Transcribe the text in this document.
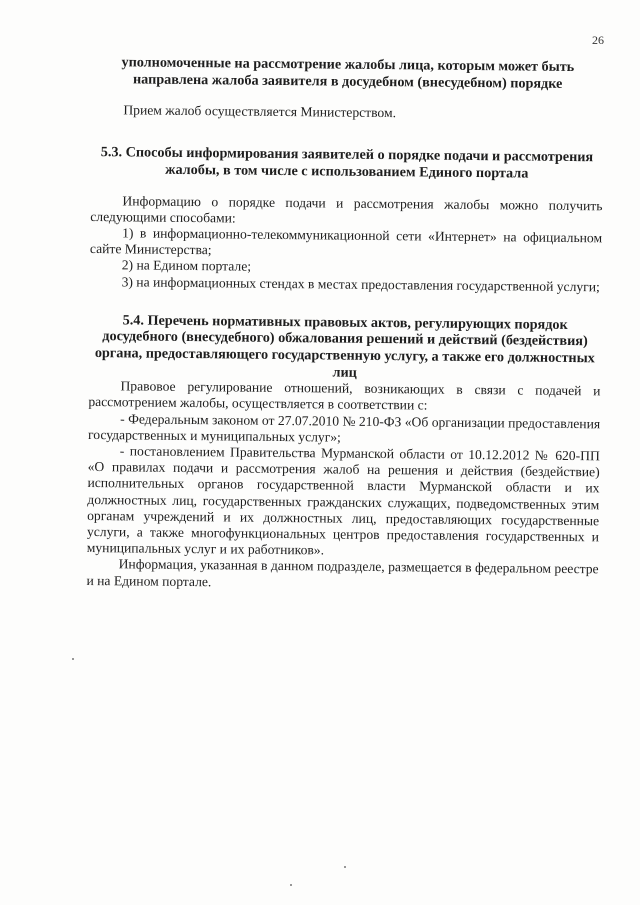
26
уполномоченные на рассмотрение жалобы лица, которым может быть направлена жалоба заявителя в досудебном (внесудебном) порядке

Прием жалоб осуществляется Министерством.

5.3. Способы информирования заявителей о порядке подачи и рассмотрения жалобы, в том числе с использованием Единого портала

Информацию о порядке подачи и рассмотрения жалобы можно получить следующими способами:

1) в информационно-телекоммуникационной сети «Интернет» на официальном сайте Министерства;

2) на Едином портале;

3) на информационных стендах в местах предоставления государственной услуги;

5.4. Перечень нормативных правовых актов, регулирующих порядок досудебного (внесудебного) обжалования решений и действий (бездействия) органа, предоставляющего государственную услугу, а также его должностных лиц

Правовое регулирование отношений, возникающих в связи с подачей и рассмотрением жалобы, осуществляется в соответствии с:

- Федеральным законом от 27.07.2010 № 210-ФЗ «Об организации предоставления государственных и муниципальных услуг»;

- постановлением Правительства Мурманской области от 10.12.2012 № 620-ПП «О правилах подачи и рассмотрения жалоб на решения и действия (бездействие) исполнительных органов государственной власти Мурманской области и их должностных лиц, государственных гражданских служащих, подведомственных этим органам учреждений и их должностных лиц, предоставляющих государственные услуги, а также многофункциональных центров предоставления государственных и муниципальных услуг и их работников».

Информация, указанная в данном подразделе, размещается в федеральном реестре и на Едином портале.
